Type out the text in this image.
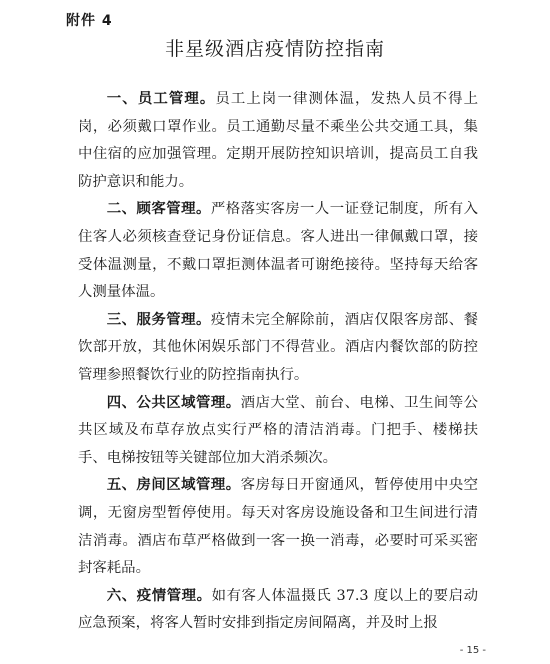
附件 4
非星级酒店疫情防控指南

一、员工管理。员工上岗一律测体温，发热人员不得上岗，必须戴口罩作业。员工通勤尽量不乘坐公共交通工具，集中住宿的应加强管理。定期开展防控知识培训，提高员工自我防护意识和能力。

二、顾客管理。严格落实客房一人一证登记制度，所有入住客人必须核查登记身份证信息。客人进出一律佩戴口罩，接受体温测量，不戴口罩拒测体温者可谢绝接待。坚持每天给客人测量体温。

三、服务管理。疫情未完全解除前，酒店仅限客房部、餐饮部开放，其他休闲娱乐部门不得营业。酒店内餐饮部的防控管理参照餐饮行业的防控指南执行。

四、公共区域管理。酒店大堂、前台、电梯、卫生间等公共区域及布草存放点实行严格的清洁消毒。门把手、楼梯扶手、电梯按钮等关键部位加大消杀频次。

五、房间区域管理。客房每日开窗通风，暂停使用中央空调，无窗房型暂停使用。每天对客房设施设备和卫生间进行清洁消毒。酒店布草严格做到一客一换一消毒，必要时可采买密封客耗品。

六、疫情管理。如有客人体温摄氏 37.3 度以上的要启动应急预案，将客人暂时安排到指定房间隔离，并及时上报

- 15 -
